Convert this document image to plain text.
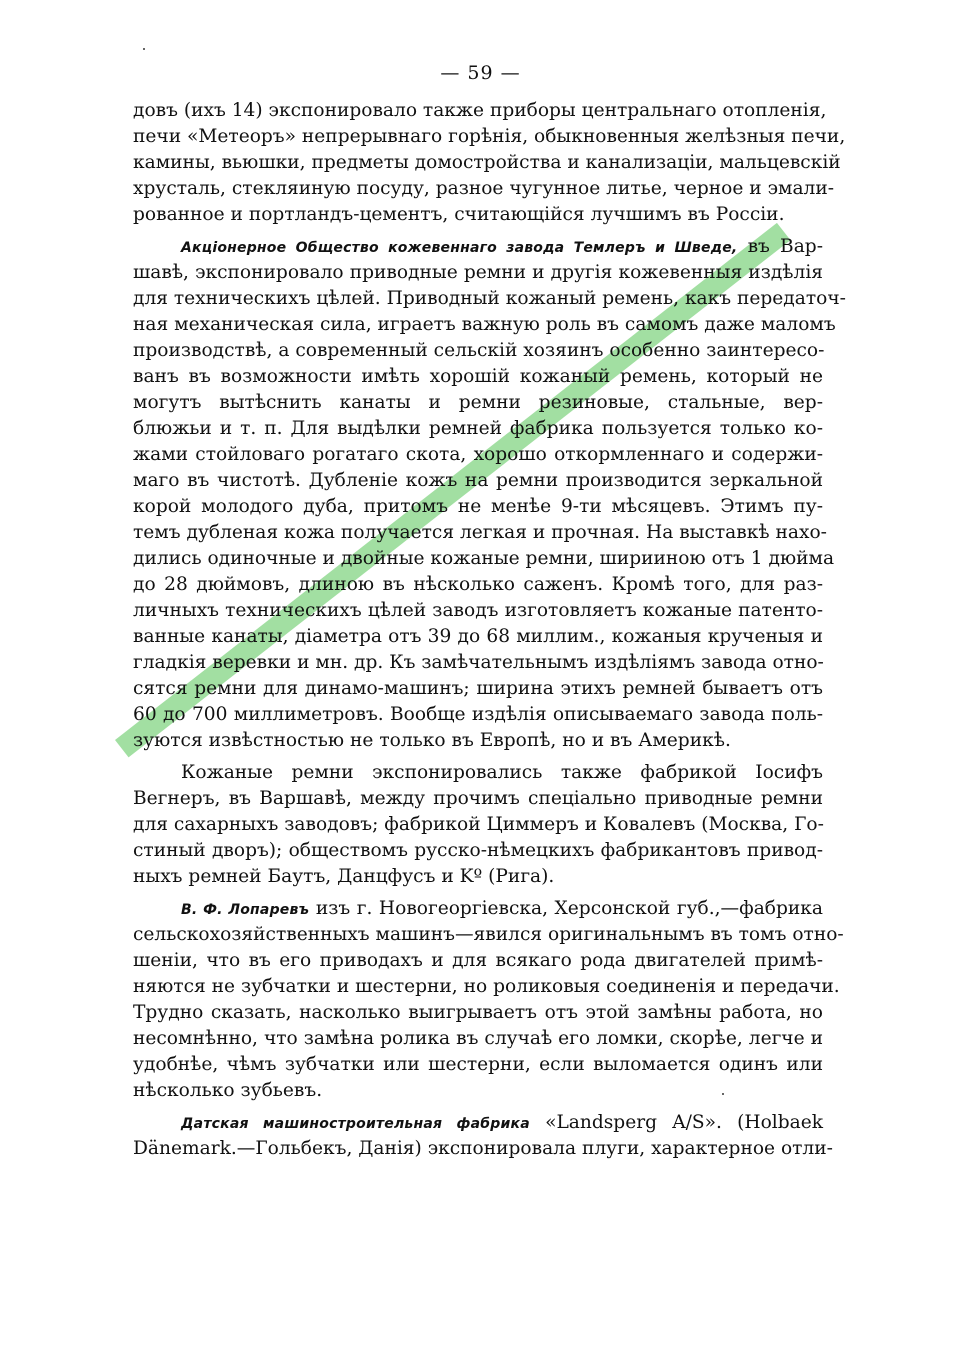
— 59 —
довъ (ихъ 14) экспонировало также приборы центральнаго отопленія,
печи «Метеоръ» непрерывнаго горѣнія, обыкновенныя желѣзныя печи,
камины, вьюшки, предметы домостройства и канализаціи, мальцевскій
хрусталь, стекляиную посуду, разное чугунное литье, черное и эмали-
рованное и портландъ-цементъ, считающійся лучшимъ въ Россіи.
Акціонерное Общество кожевеннаго завода Темлеръ и Шведе, въ Вар-
шавѣ, экспонировало приводные ремни и другія кожевенныя издѣлія
для техническихъ цѣлей. Приводный кожаный ремень, какъ передаточ-
ная механическая сила, играетъ важную роль въ самомъ даже маломъ
производствѣ, а современный сельскій хозяинъ особенно заинтересо-
ванъ въ возможности имѣть хорошій кожаный ремень, который не
могутъ вытѣснить канаты и ремни резиновые, стальные, вер-
блюжьи и т. п. Для выдѣлки ремней фабрика пользуется только ко-
жами стойловаго рогатаго скота, хорошо откормленнаго и содержи-
маго въ чистотѣ. Дубленіе кожъ на ремни производится зеркальной
корой молодого дуба, притомъ не менѣе 9-ти мѣсяцевъ. Этимъ пу-
темъ дубленая кожа получается легкая и прочная. На выставкѣ нахо-
дились одиночные и двойные кожаные ремни, ширииною отъ 1 дюйма
до 28 дюймовъ, длиною въ нѣсколько саженъ. Кромѣ того, для раз-
личныхъ техническихъ цѣлей заводъ изготовляетъ кожаные патенто-
ванные канаты, діаметра отъ 39 до 68 миллим., кожаныя крученыя и
гладкія веревки и мн. др. Къ замѣчательнымъ издѣліямъ завода отно-
сятся ремни для динамо-машинъ; ширина этихъ ремней бываетъ отъ
60 до 700 миллиметровъ. Вообще издѣлія описываемаго завода поль-
зуются извѣстностью не только въ Европѣ, но и въ Америкѣ.
Кожаные ремни экспонировались также фабрикой Іосифъ
Вегнеръ, въ Варшавѣ, между прочимъ спеціально приводные ремни
для сахарныхъ заводовъ; фабрикой Циммеръ и Ковалевъ (Москва, Го-
стиный дворъ); обществомъ русско-нѣмецкихъ фабрикантовъ привод-
ныхъ ремней Баутъ, Данцфусъ и Kº (Рига).
В. Ф. Лопаревъ изъ г. Новогеоргіевска, Херсонской губ.,—фабрика
сельскохозяйственныхъ машинъ—явился оригинальнымъ въ томъ отно-
шеніи, что въ его приводахъ и для всякаго рода двигателей примѣ-
няются не зубчатки и шестерни, но роликовыя соединенія и передачи.
Трудно сказать, насколько выигрываетъ отъ этой замѣны работа, но
несомнѣнно, что замѣна ролика въ случаѣ его ломки, скорѣе, легче и
удобнѣе, чѣмъ зубчатки или шестерни, если выломается одинъ или
нѣсколько зубьевъ.
Датская машиностроительная фабрика «Landsperg A/S». (Holbaek
Dänemark.—Гольбекъ, Данія) экспонировала плуги, характерное отли-
